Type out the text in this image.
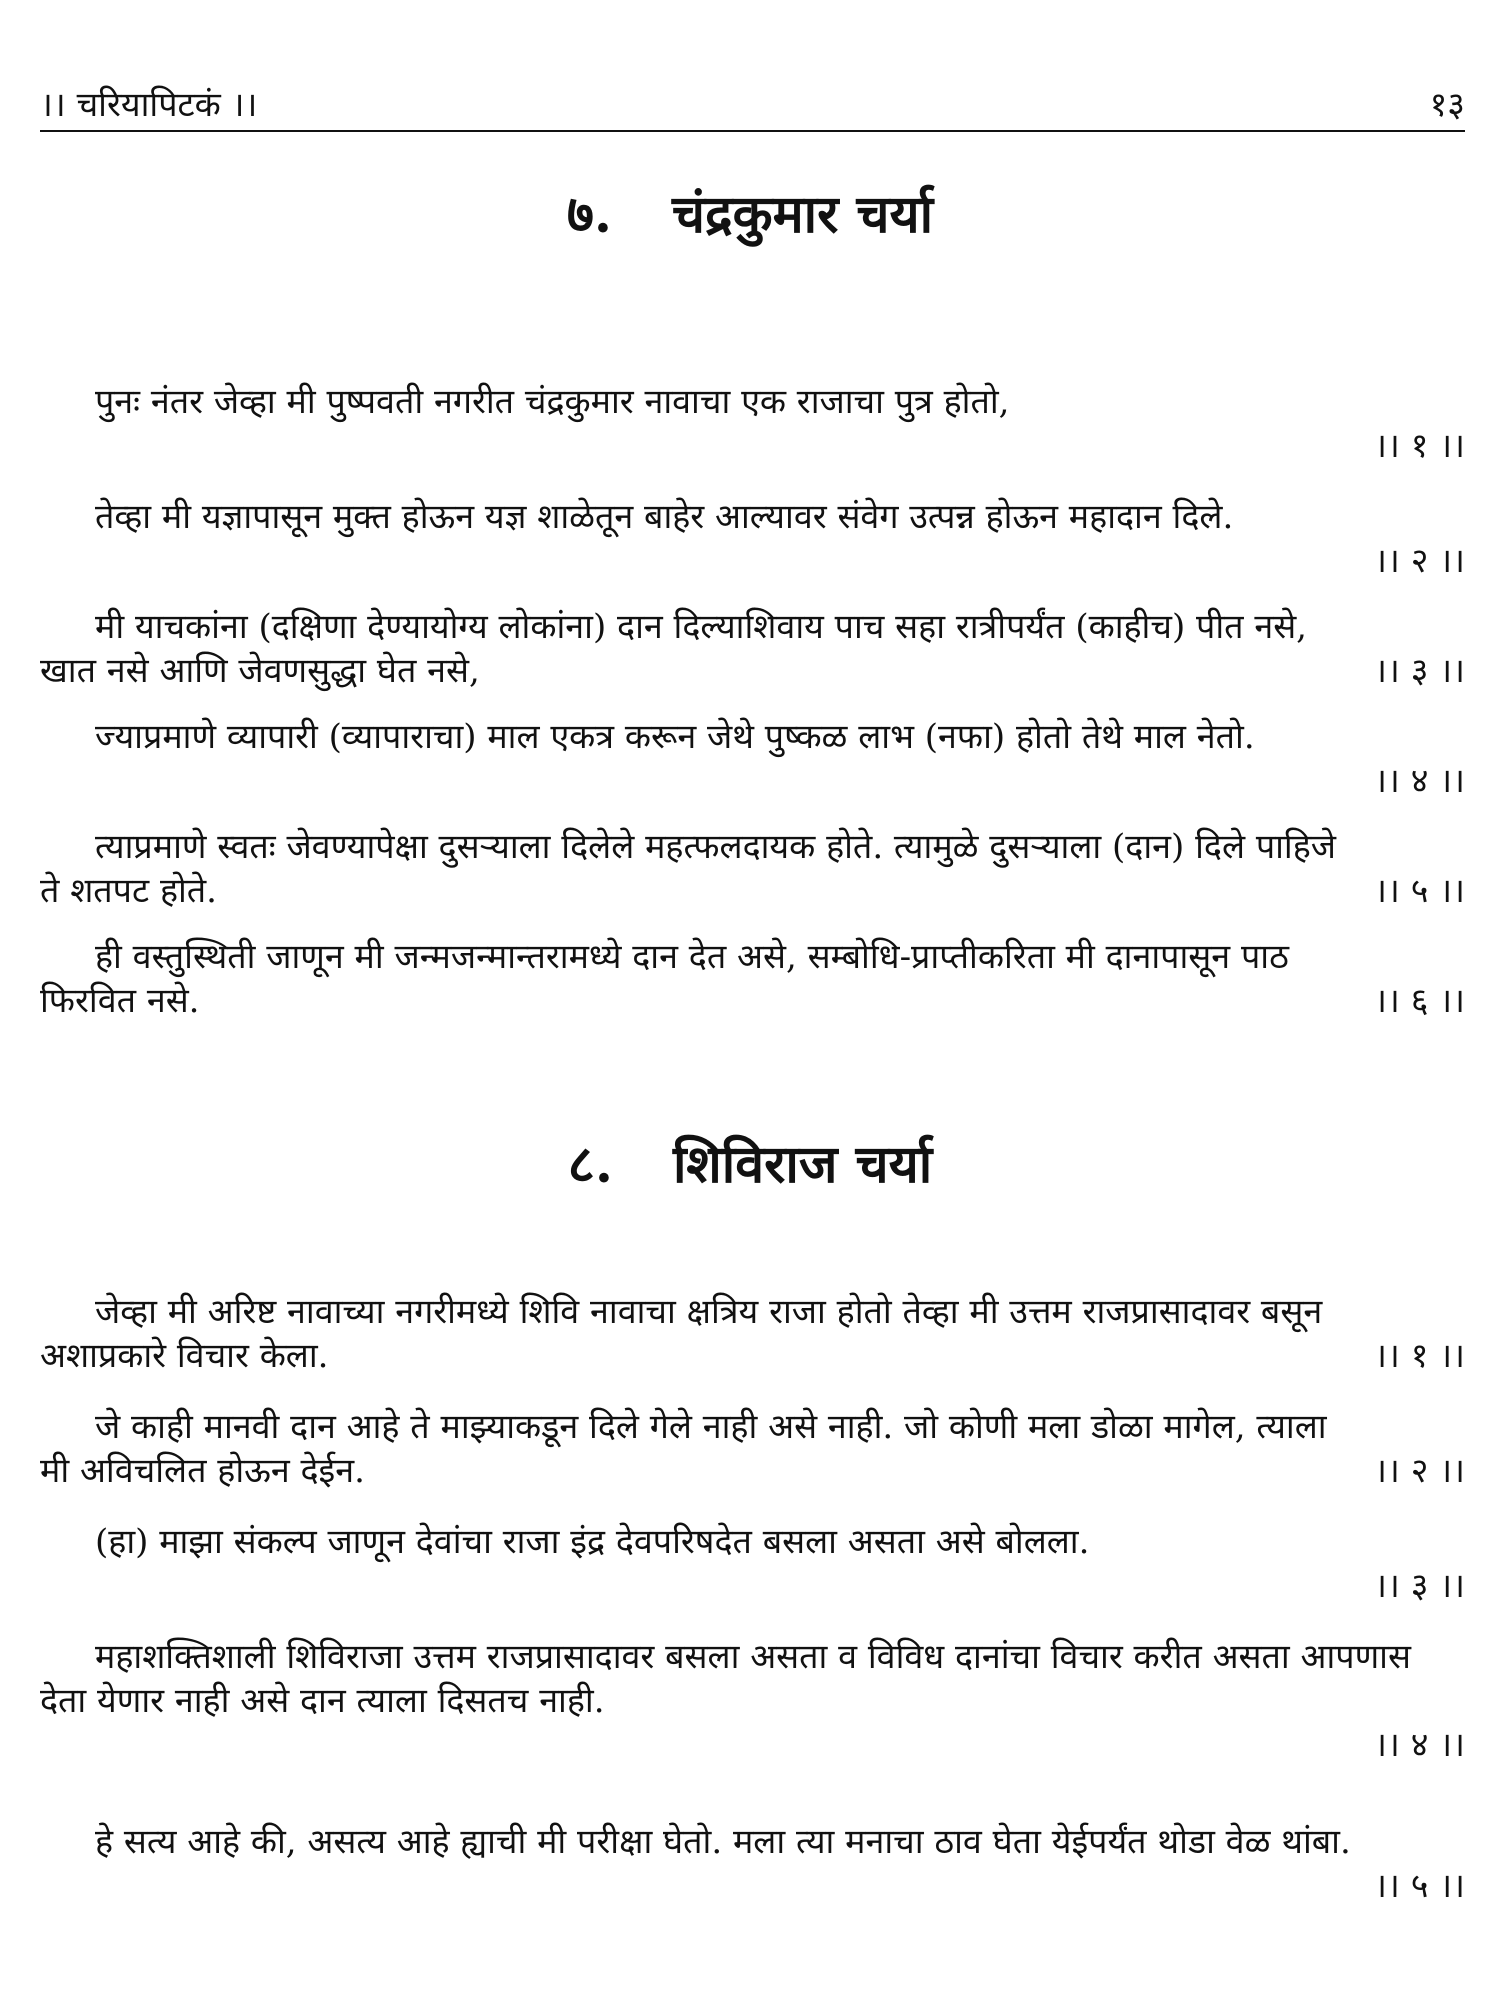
।। चरियापिटकं ।।	१३
७. चंद्रकुमार चर्या
पुनः नंतर जेव्हा मी पुष्पवती नगरीत चंद्रकुमार नावाचा एक राजाचा पुत्र होतो,
।। १ ।।
।। २ ।।
तेव्हा मी यज्ञापासून मुक्त होऊन यज्ञ शाळेतून बाहेर आल्यावर संवेग उत्पन्न होऊन महादान दिले.
।। ३ ।।
मी याचकांना (दक्षिणा देण्यायोग्य लोकांना) दान दिल्याशिवाय पाच सहा रात्रीपर्यंत (काहीच) पीत नसे, खात नसे आणि जेवणसुद्धा घेत नसे,
।। ४ ।।
ज्याप्रमाणे व्यापारी (व्यापाराचा) माल एकत्र करून जेथे पुष्कळ लाभ (नफा) होतो तेथे माल नेतो.
।। ५ ।।
त्याप्रमाणे स्वतः जेवण्यापेक्षा दुसऱ्याला दिलेले महत्फलदायक होते. त्यामुळे दुसऱ्याला (दान) दिले पाहिजे ते शतपट होते.
।। ६ ।।
ही वस्तुस्थिती जाणून मी जन्मजन्मान्तरामध्ये दान देत असे, सम्बोधि-प्राप्तीकरिता मी दानापासून पाठ फिरवित नसे.
८. शिविराज चर्या
।। १ ।।
जेव्हा मी अरिष्ट नावाच्या नगरीमध्ये शिवि नावाचा क्षत्रिय राजा होतो तेव्हा मी उत्तम राजप्रासादावर बसून अशाप्रकारे विचार केला.
।। २ ।।
जे काही मानवी दान आहे ते माझ्याकडून दिले गेले नाही असे नाही. जो कोणी मला डोळा मागेल, त्याला मी अविचलित होऊन देईन.
(हा) माझा संकल्प जाणून देवांचा राजा इंद्र देवपरिषदेत बसला असता असे बोलला.
।। ३ ।।
महाशक्तिशाली शिविराजा उत्तम राजप्रासादावर बसला असता व विविध दानांचा विचार करीत असता आपणास देता येणार नाही असे दान त्याला दिसतच नाही.
।। ४ ।।
।। ५ ।।
हे सत्य आहे की, असत्य आहे ह्याची मी परीक्षा घेतो. मला त्या मनाचा ठाव घेता येईपर्यंत थोडा वेळ थांबा.
